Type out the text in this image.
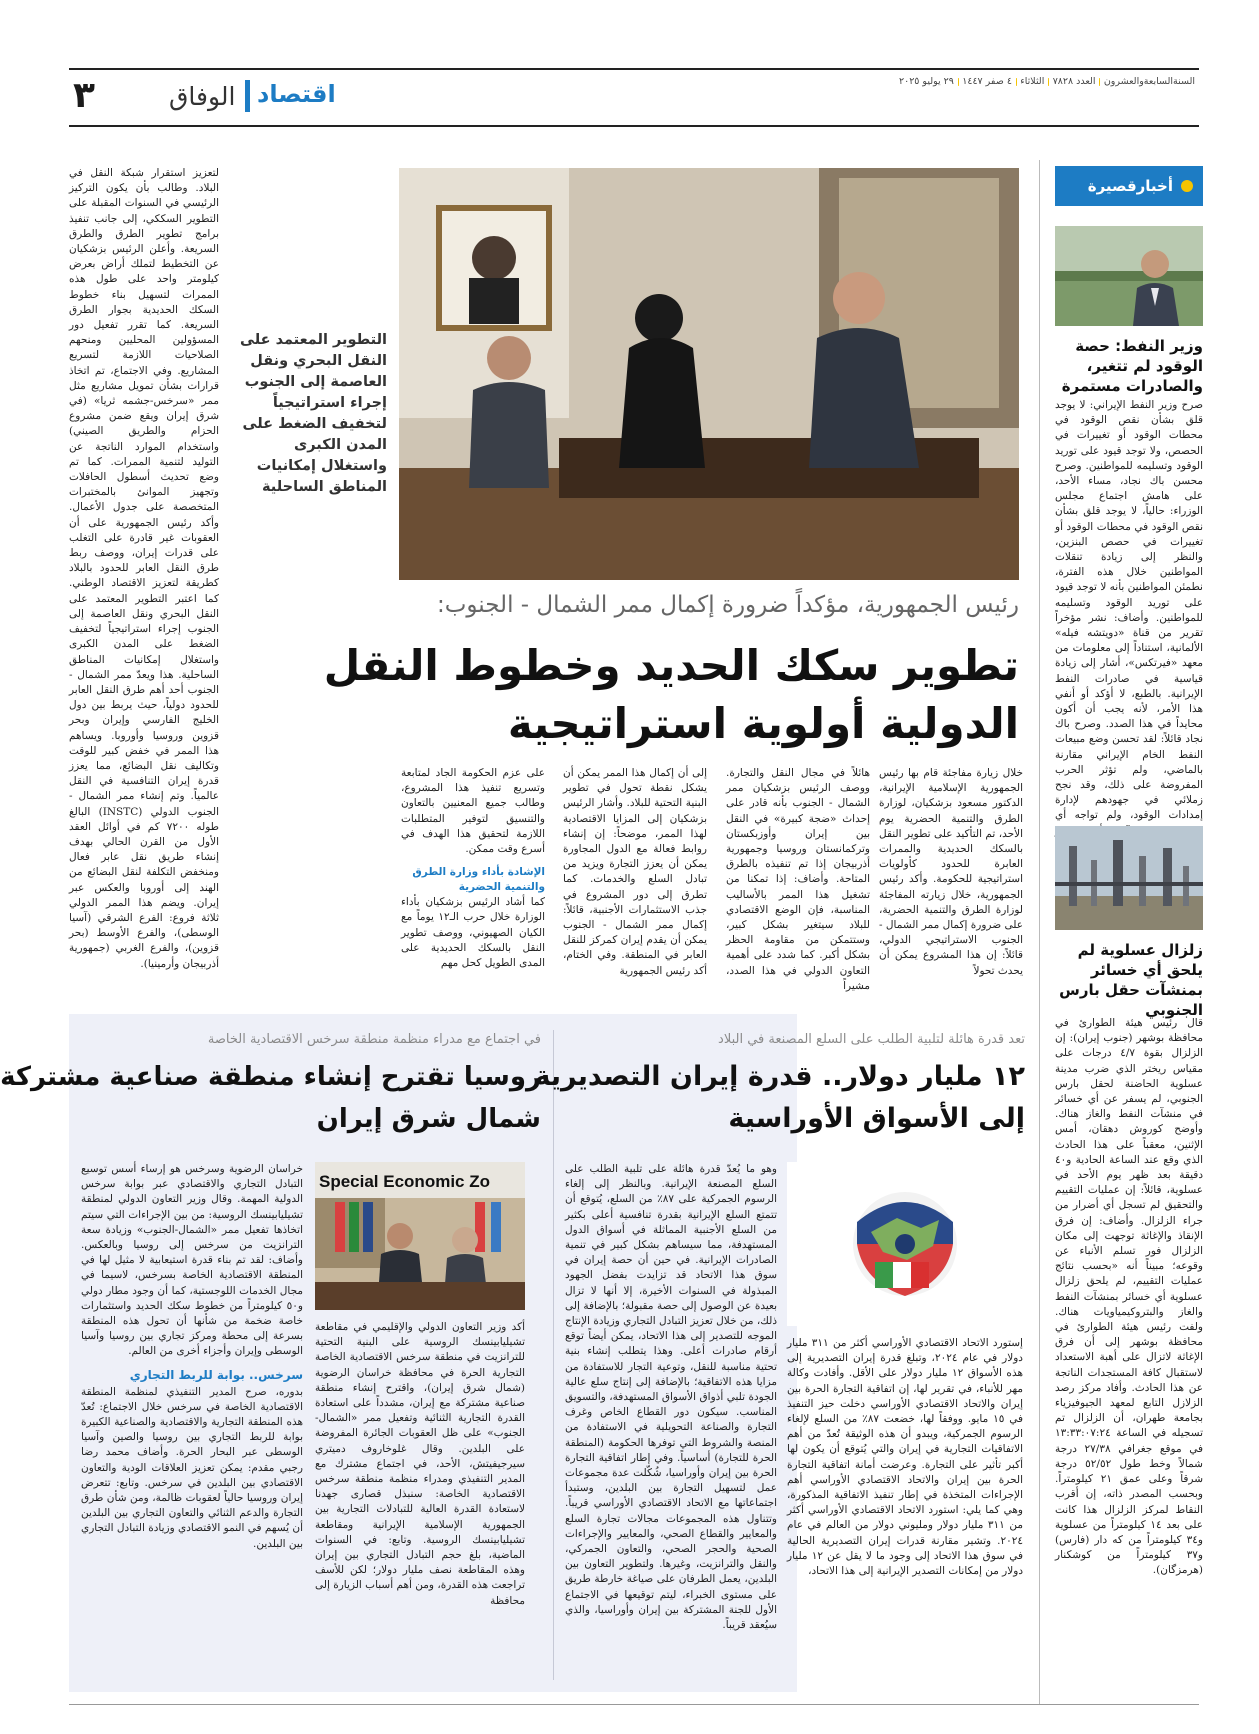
٣	الوفاق اقتصاد	السنةالسابعةوالعشرون
العدد ٧٨٢٨
الثلاثاء
٤ صفر ١٤٤٧
٢٩ يوليو ٢٠٢٥
أخبارقصيرة
وزير النفط: حصة الوقود لم تتغير، والصادرات مستمرة
صرح وزير النفط الإيراني: لا يوجد قلق بشأن نقص الوقود في محطات الوقود أو تغييرات في الحصص، ولا توجد قيود على توريد الوقود وتسليمه للمواطنين. وصرح محسن باك نجاد، مساء الأحد، على هامش اجتماع مجلس الوزراء: حالياً، لا يوجد قلق بشأن نقص الوقود في محطات الوقود أو تغييرات في حصص البنزين، والنظر إلى زيادة تنقلات المواطنين خلال هذه الفترة، نطمئن المواطنين بأنه لا توجد قيود على توريد الوقود وتسليمه للمواطنين. وأضاف: نشر مؤخراً تقرير من قناة «دويتشه فيله» الألمانية، استناداً إلى معلومات من معهد «فيرتكس»، أشار إلى زيادة قياسية في صادرات النفط الإيرانية. بالطبع، لا أؤكد أو أنفي هذا الأمر، لأنه يجب أن أكون محايداً في هذا الصدد. وصرح باك نجاد قائلاً: لقد تحسن وضع مبيعات النفط الخام الإيراني مقارنة بالماضي، ولم تؤثر الحرب المفروضة على ذلك، وقد نجح زملائي في جهودهم لإدارة إمدادات الوقود، ولم تواجه أي
زلزال عسلوية لم يلحق أي خسائر بمنشآت حقل بارس الجنوبي
قال رئيس هيئة الطوارئ في محافظة بوشهر (جنوب إيران): إن الزلزال بقوة ٤/٧ درجات على مقياس ريختر الذي ضرب مدينة عسلوية الحاضنة لحقل بارس الجنوبي، لم يسفر عن أي خسائر في منشآت النفط والغاز هناك. وأوضح كوروش دهقان، أمس الإثنين، معقباً على هذا الحادث الذي وقع عند الساعة الحادية و٤٠ دقيقة بعد ظهر يوم الأحد في عسلوية، قائلاً: إن عمليات التقييم والتحقيق لم تسجل أي أضرار من جراء الزلزال. وأضاف: إن فرق الإنقاذ والإغاثة توجهت إلى مكان الزلزال فور تسلم الأنباء عن وقوعه؛ مبيناً أنه «بحسب نتائج عمليات التقييم، لم يلحق زلزال عسلوية أي خسائر بمنشآت النفط والغاز والبتروكيمياويات هناك. ولفت رئيس هيئة الطوارئ في محافظة بوشهر إلى أن فرق الإغاثة لاتزال على أهبة الاستعداد لاستقبال كافة المستجدات الناتجة عن هذا الحادث. وأفاد مركز رصد الزلازل التابع لمعهد الجيوفيزياء بجامعة طهران، أن الزلزال تم تسجيله في الساعة ١٣:٣٣:٠٧:٢٤ في موقع جغرافي ٢٧/٣٨ درجة شمالاً وخط طول ٥٢/٥٢ درجة شرقاً وعلى عمق ٢١ كيلومتراً. وبحسب المصدر ذاته، إن أقرب النقاط لمركز الزلزال هذا كانت على بعد ١٤ كيلومتراً من عسلوية و٣٤ كيلومتراً من كه دار (فارس) و٣٧ كيلومتراً من كوشكنار (هرمزگان).
لتعزيز استقرار شبكة النقل في البلاد. وطالب بأن يكون التركيز الرئيسي في السنوات المقبلة على التطوير السككي، إلى جانب تنفيذ برامج تطوير الطرق والطرق السريعة. وأعلن الرئيس بزشكيان عن التخطيط لتملك أراض بعرض كيلومتر واحد على طول هذه الممرات لتسهيل بناء خطوط السكك الحديدية بجوار الطرق السريعة. كما تقرر تفعيل دور المسؤولين المحليين ومنحهم الصلاحيات اللازمة لتسريع المشاريع. وفي الاجتماع، تم اتخاذ قرارات بشأن تمويل مشاريع مثل ممر «سرخس-جشمه ثريا» (في شرق إيران ويقع ضمن مشروع الحزام والطريق الصيني) واستخدام الموارد الناتجة عن التوليد لتنمية الممرات. كما تم وضع تحديث أسطول الحافلات وتجهيز الموانئ بالمختبرات المتخصصة على جدول الأعمال. وأكد رئيس الجمهورية على أن العقوبات غير قادرة على التغلب على قدرات إيران، ووصف ربط طرق النقل العابر للحدود بالبلاد كطريقة لتعزيز الاقتصاد الوطني. كما اعتبر التطوير المعتمد على النقل البحري ونقل العاصمة إلى الجنوب إجراء استراتيجياً لتخفيف الضغط على المدن الكبرى واستغلال إمكانيات المناطق الساحلية. هذا ويعدّ ممر الشمال - الجنوب أحد أهم طرق النقل العابر للحدود دولياً، حيث يربط بين دول الخليج الفارسي وإيران وبحر قزوين وروسيا وأوروبا. ويساهم هذا الممر في خفض كبير للوقت وتكاليف نقل البضائع، مما يعزز قدرة إيران التنافسية في النقل عالمياً. وتم إنشاء ممر الشمال - الجنوب الدولي (INSTC) البالغ طوله ٧٢٠٠ كم في أوائل العقد الأول من القرن الحالي بهدف إنشاء طريق نقل عابر فعال ومنخفض التكلفة لنقل البضائع من الهند إلى أوروبا والعكس عبر إيران. ويضم هذا الممر الدولي ثلاثة فروع: الفرع الشرقي (آسيا الوسطى)، والفرع الأوسط (بحر قزوين)، والفرع الغربي (جمهورية أذربيجان وأرمينيا).
التطوير المعتمد على النقل البحري ونقل العاصمة إلى الجنوب إجراء استراتيجياً لتخفيف الضغط على المدن الكبرى واستغلال إمكانيات المناطق الساحلية
رئيس الجمهورية، مؤكداً ضرورة إكمال ممر الشمال - الجنوب:
تطوير سكك الحديد وخطوط النقل
الدولية أولوية استراتيجية
خلال زيارة مفاجئة قام بها رئيس الجمهورية الإسلامية الإيرانية، الدكتور مسعود بزشكيان، لوزارة الطرق والتنمية الحضرية يوم الأحد، تم التأكيد على تطوير النقل بالسكك الحديدية والممرات العابرة للحدود كأولويات استراتيجية للحكومة. وأكد رئيس الجمهورية، خلال زيارته المفاجئة لوزارة الطرق والتنمية الحضرية، على ضرورة إكمال ممر الشمال - الجنوب الاستراتيجي الدولي، قائلاً: إن هذا المشروع يمكن أن يحدث تحولاً
هائلاً في مجال النقل والتجارة. ووصف الرئيس بزشكيان ممر الشمال - الجنوب بأنه قادر على إحداث «ضجة كبيرة» في النقل بين إيران وأوزبكستان وتركمانستان وروسيا وجمهورية أذربيجان إذا تم تنفيذه بالطرق المتاحة. وأضاف: إذا تمكنا من تشغيل هذا الممر بالأساليب المناسبة، فإن الوضع الاقتصادي للبلاد سيتغير بشكل كبير، وستتمكن من مقاومة الحظر بشكل أكبر. كما شدد على أهمية التعاون الدولي في هذا الصدد، مشيراً
إلى أن إكمال هذا الممر يمكن أن يشكل نقطة تحول في تطوير البنية التحتية للبلاد. وأشار الرئيس بزشكيان إلى المزايا الاقتصادية لهذا الممر، موضحاً: إن إنشاء روابط فعالة مع الدول المجاورة يمكن أن يعزز التجارة ويزيد من تبادل السلع والخدمات. كما تطرق إلى دور المشروع في جذب الاستثمارات الأجنبية، قائلاً: إكمال ممر الشمال - الجنوب يمكن أن يقدم إيران كمركز للنقل العابر في المنطقة. وفي الختام، أكد رئيس الجمهورية
على عزم الحكومة الجاد لمتابعة وتسريع تنفيذ هذا المشروع، وطالب جميع المعنيين بالتعاون والتنسيق لتوفير المتطلبات اللازمة لتحقيق هذا الهدف في أسرع وقت ممكن.
الإشادة بأداء وزارة الطرق والتنمية الحضرية
كما أشاد الرئيس بزشكيان بأداء الوزارة خلال حرب الـ١٢ يوماً مع الكيان الصهيوني، ووصف تطوير النقل بالسكك الحديدية على المدى الطويل كحل مهم
تعد قدرة هائلة لتلبية الطلب على السلع المصنعة في البلاد
١٢ مليار دولار.. قدرة إيران التصديرية
إلى الأسواق الأوراسية
إستورد الاتحاد الاقتصادي الأوراسي أكثر من ٣١١ مليار دولار في عام ٢٠٢٤، وتبلغ قدرة إيران التصديرية إلى هذه الأسواق ١٢ مليار دولار على الأقل. وأفادت وكالة مهر للأنباء، في تقرير لها، إن اتفاقية التجارة الحرة بين إيران والاتحاد الاقتصادي الأوراسي دخلت حيز التنفيذ في ١٥ مايو. ووفقاً لها، خضعت ٨٧٪ من السلع لإلغاء الرسوم الجمركية، ويبدو أن هذه الوثيقة تُعدّ من أهم الاتفاقيات التجارية في إيران والتي يُتوقع أن يكون لها أكبر تأثير على التجارة. وعرضت أمانة اتفاقية التجارة الحرة بين إيران والاتحاد الاقتصادي الأوراسي أهم الإجراءات المتخذة في إطار تنفيذ الاتفاقية المذكورة، وهي كما يلي: استورد الاتحاد الاقتصادي الأوراسي أكثر من ٣١١ مليار دولار ومليوني دولار من العالم في عام ٢٠٢٤. وتشير مقارنة قدرات إيران التصديرية الحالية في سوق هذا الاتحاد إلى وجود ما لا يقل عن ١٢ مليار دولار من إمكانات التصدير الإيرانية إلى هذا الاتحاد،
وهو ما يُعدّ قدرة هائلة على تلبية الطلب على السلع المصنعة الإيرانية. وبالنظر إلى إلغاء الرسوم الجمركية على ٨٧٪ من السلع، يُتوقع أن تتمتع السلع الإيرانية بقدرة تنافسية أعلى بكثير من السلع الأجنبية المماثلة في أسواق الدول المستهدفة، مما سيساهم بشكل كبير في تنمية الصادرات الإيرانية. في حين أن حصة إيران في سوق هذا الاتحاد قد تزايدت بفضل الجهود المبذولة في السنوات الأخيرة، إلا أنها لا تزال بعيدة عن الوصول إلى حصة مقبولة؛ بالإضافة إلى ذلك، من خلال تعزيز التبادل التجاري وزيادة الإنتاج الموجه للتصدير إلى هذا الاتحاد، يمكن أيضاً توقع أرقام صادرات أعلى. وهذا يتطلب إنشاء بنية تحتية مناسبة للنقل، وتوعية التجار للاستفادة من مزايا هذه الاتفاقية؛ بالإضافة إلى إنتاج سلع عالية الجودة تلبي أذواق الأسواق المستهدفة، والتسويق المناسب. سيكون دور القطاع الخاص وغرف التجارة والصناعة التحويلية في الاستفادة من المنصة والشروط التي توفرها الحكومة (المنطقة الحرة للتجارة) أساسياً. وفي إطار اتفاقية التجارة الحرة بين إيران وأوراسيا، شُكّلت عدة مجموعات عمل لتسهيل التجارة بين البلدين، وستبدأ اجتماعاتها مع الاتحاد الاقتصادي الأوراسي قريباً. وتتناول هذه المجموعات مجالات تجارة السلع والمعايير والقطاع الصحي، والمعايير والإجراءات الصحية والحجر الصحي، والتعاون الجمركي، والنقل والترانزيت، وغيرها. ولتطوير التعاون بين البلدين، يعمل الطرفان على صياغة خارطة طريق على مستوى الخبراء، ليتم توقيعها في الاجتماع الأول للجنة المشتركة بين إيران وأوراسيا، والذي سيُعقد قريباً.
في اجتماع مع مدراء منظمة منطقة سرخس الاقتصادية الخاصة
روسيا تقترح إنشاء منطقة صناعية مشتركة
شمال شرق إيران
Special Economic Zo
أكد وزير التعاون الدولي والإقليمي في مقاطعة تشيليابينسك الروسية على البنية التحتية للترانزيت في منطقة سرخس الاقتصادية الخاصة التجارية الحرة في محافظة خراسان الرضوية (شمال شرق إيران)، واقترح إنشاء منطقة صناعية مشتركة مع إيران، مشدداً على استعادة القدرة التجارية الثنائية وتفعيل ممر «الشمال-الجنوب» على ظل العقوبات الجائرة المفروضة على البلدين. وقال غلوخاروف دميتري سيرجيفيتش، الأحد، في اجتماع مشترك مع المدير التنفيذي ومدراء منظمة منطقة سرخس الاقتصادية الخاصة: سنبذل قصارى جهدنا لاستعادة القدرة العالية للتبادلات التجارية بين الجمهورية الإسلامية الإيرانية ومقاطعة تشيليابينسك الروسية. وتابع: في السنوات الماضية، بلغ حجم التبادل التجاري بين إيران وهذه المقاطعة نصف مليار دولار؛ لكن للأسف تراجعت هذه القدرة، ومن أهم أسباب الزيارة إلى محافظة
خراسان الرضوية وسرخس هو إرساء أسس توسيع التبادل التجاري والاقتصادي عبر بوابة سرخس الدولية المهمة. وقال وزير التعاون الدولي لمنطقة تشيليابينسك الروسية: من بين الإجراءات التي سيتم اتخاذها تفعيل ممر «الشمال-الجنوب» وزيادة سعة الترانزيت من سرخس إلى روسيا وبالعكس. وأضاف: لقد تم بناء قدرة استيعابية لا مثيل لها في المنطقة الاقتصادية الخاصة بسرخس، لاسيما في مجال الخدمات اللوجستية، كما أن وجود مطار دولي و٥٠ كيلومتراً من خطوط سكك الحديد واستثمارات خاصة ضخمة من شأنها أن تحول هذه المنطقة بسرعة إلى محطة ومركز تجاري بين روسيا وآسيا الوسطى وإيران وأجزاء أخرى من العالم.
سرخس.. بوابة للربط التجاري
بدوره، صرح المدير التنفيذي لمنظمة المنطقة الاقتصادية الخاصة في سرخس خلال الاجتماع: تُعدّ هذه المنطقة التجارية والاقتصادية والصناعية الكبيرة بوابة للربط التجاري بين روسيا والصين وآسيا الوسطى عبر البحار الحرة. وأضاف محمد رضا رجبي مقدم: يمكن تعزيز العلاقات الودية والتعاون الاقتصادي بين البلدين في سرخس. وتابع: تتعرض إيران وروسيا حالياً لعقوبات ظالمة، ومن شأن طرق التجارة والدعم الثنائي والتعاون التجاري بين البلدين أن يُسهم في النمو الاقتصادي وزيادة التبادل التجاري بين البلدين.
